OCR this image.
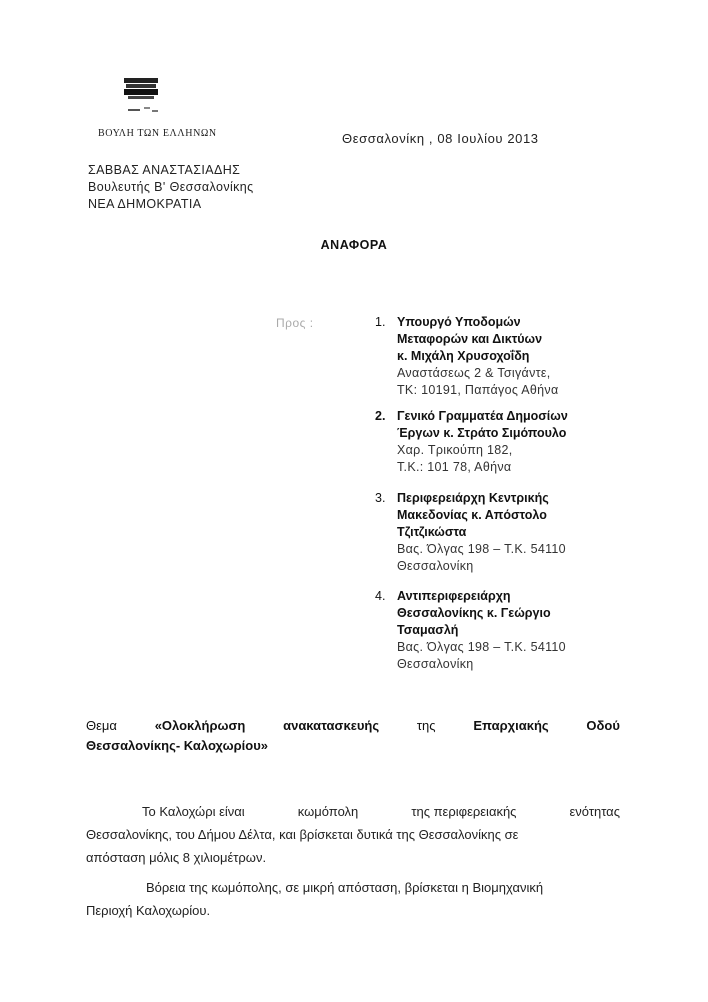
ΒΟΥΛΗ ΤΩΝ ΕΛΛΗΝΩΝ	Θεσσαλονίκη , 08 Ιουλίου 2013
ΣΑΒΒΑΣ ΑΝΑΣΤΑΣΙΑΔΗΣ
Βουλευτής Β' Θεσσαλονίκης
ΝΕΑ ΔΗΜΟΚΡΑΤΙΑ
ΑΝΑΦΟΡΑ
Προς :	1. Υπουργό Υποδομών
Μεταφορών και Δικτύων
κ. Μιχάλη Χρυσοχοΐδη
Αναστάσεως 2 & Τσιγάντε,
ΤΚ: 10191, Παπάγος Αθήνα
2. Γενικό Γραμματέα Δημοσίων
Έργων κ. Στράτο Σιμόπουλο
Χαρ. Τρικούπη 182,
Τ.Κ.: 101 78, Αθήνα
3. Περιφερειάρχη Κεντρικής
Μακεδονίας κ. Απόστολο
Τζιτζικώστα
Βας. Όλγας 198 – Τ.Κ. 54110
Θεσσαλονίκη
4. Αντιπεριφερειάρχη
Θεσσαλονίκης κ. Γεώργιο
Τσαμασλή
Βας. Όλγας 198 – Τ.Κ. 54110
Θεσσαλονίκη
Θεμα	«Ολοκλήρωση	ανακατασκευής	της	Επαρχιακής	Οδού
Θεσσαλονίκης- Καλοχωρίου»
Το Καλοχώρι είναι	κωμόπολη	της περιφερειακής	ενότητας
Θεσσαλονίκης, του Δήμου Δέλτα, και βρίσκεται δυτικά της Θεσσαλονίκης σε
απόσταση μόλις 8 χιλιομέτρων.
Βόρεια της κωμόπολης, σε μικρή απόσταση, βρίσκεται η Βιομηχανική
Περιοχή Καλοχωρίου.
